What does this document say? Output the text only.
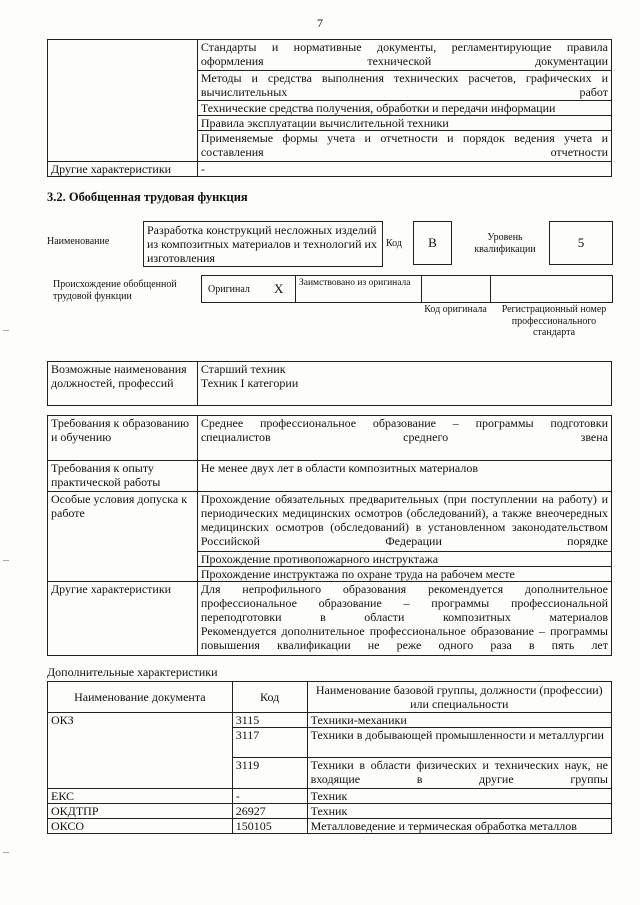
7
	Стандарты и нормативные документы, регламентирующие правила оформления технической документации
	Методы и средства выполнения технических расчетов, графических и вычислительных работ
	Технические средства получения, обработки и передачи информации
	Правила эксплуатации вычислительной техники
	Применяемые формы учета и отчетности и порядок ведения учета и составления отчетности
Другие характеристики	-
3.2. Обобщенная трудовая функция
Наименование
Разработка конструкций несложных изделий из композитных материалов и технологий их изготовления
Код	В	Уровень квалификации	5
Происхождение обобщенной трудовой функции
Оригинал X Заимствовано из оригинала
Код оригинала Регистрационный номер профессионального стандарта
Возможные наименования должностей, профессий	
Старший техник
Техник I категории
Требования к образованию и обучению	Среднее профессиональное образование – программы подготовки специалистов среднего звена
Требования к опыту практической работы	Не менее двух лет в области композитных материалов
Особые условия допуска к работе	Прохождение обязательных предварительных (при поступлении на работу) и периодических медицинских осмотров (обследований), а также внеочередных медицинских осмотров (обследований) в установленном законодательством Российской Федерации порядке
	Прохождение противопожарного инструктажа
	Прохождение инструктажа по охране труда на рабочем месте
Другие характеристики	Для непрофильного образования рекомендуется дополнительное профессиональное образование – программы профессиональной переподготовки в области композитных материалов
Рекомендуется дополнительное профессиональное образование – программы повышения квалификации не реже одного раза в пять лет
Дополнительные характеристики
Наименование документа	Код	Наименование базовой группы, должности (профессии) или специальности
ОКЗ	3115	Техники-механики
	3117	Техники в добывающей промышленности и металлургии
	3119	Техники в области физических и технических наук, не входящие в другие группы
ЕКС	-	Техник
ОКДТПР	26927	Техник
ОКСО	150105	Металловедение и термическая обработка металлов
